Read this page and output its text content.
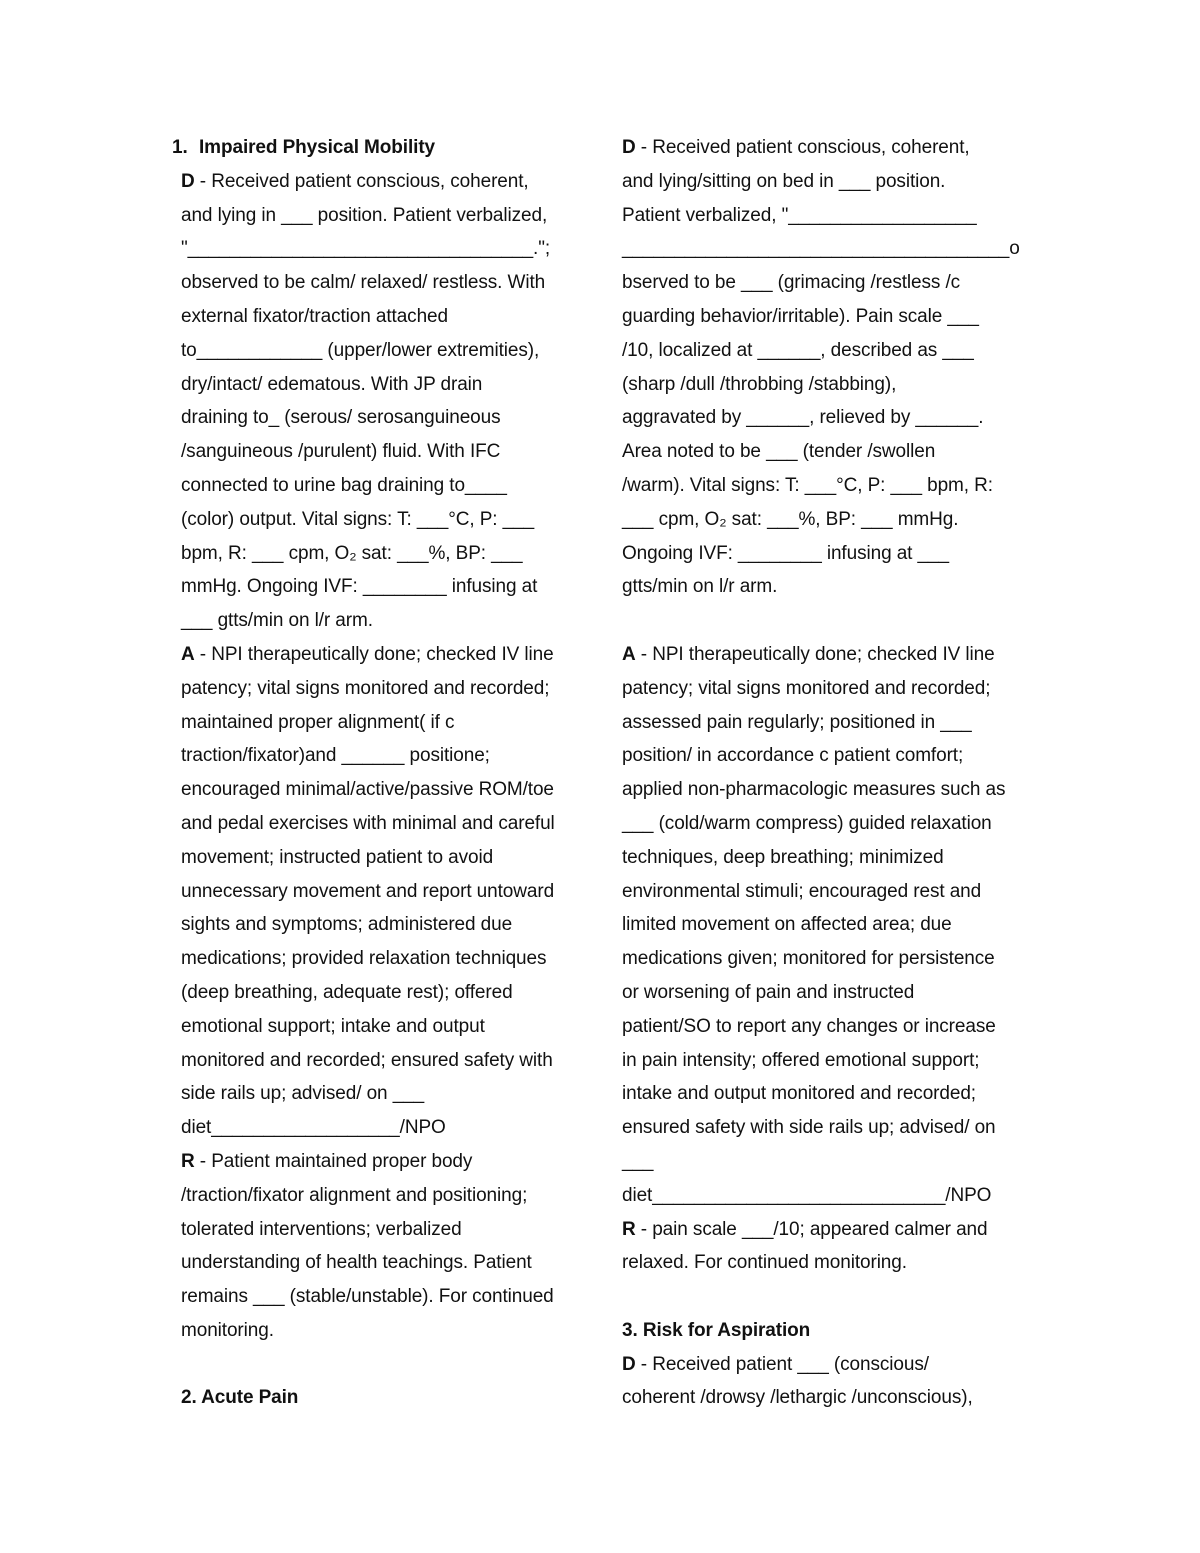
1. Impaired Physical Mobility
D - Received patient conscious, coherent,
and lying in ___ position. Patient verbalized,
"_________________________________.";
observed to be calm/ relaxed/ restless. With
external fixator/traction attached
to____________ (upper/lower extremities),
dry/intact/ edematous. With JP drain
draining to_ (serous/ serosanguineous
/sanguineous /purulent) fluid. With IFC
connected to urine bag draining to____
(color) output. Vital signs: T: ___°C, P: ___
bpm, R: ___ cpm, O₂ sat: ___%, BP: ___
mmHg. Ongoing IVF: ________ infusing at
___ gtts/min on l/r arm.
A - NPI therapeutically done; checked IV line
patency; vital signs monitored and recorded;
maintained proper alignment( if c
traction/fixator)and ______ positione;
encouraged minimal/active/passive ROM/toe
and pedal exercises with minimal and careful
movement; instructed patient to avoid
unnecessary movement and report untoward
sights and symptoms; administered due
medications; provided relaxation techniques
(deep breathing, adequate rest); offered
emotional support; intake and output
monitored and recorded; ensured safety with
side rails up; advised/ on ___
diet__________________/NPO
R - Patient maintained proper body
/traction/fixator alignment and positioning;
tolerated interventions; verbalized
understanding of health teachings. Patient
remains ___ (stable/unstable). For continued
monitoring.
2. Acute Pain
D - Received patient conscious, coherent,
and lying/sitting on bed in ___ position.
Patient verbalized, "__________________
_____________________________________o
bserved to be ___ (grimacing /restless /c
guarding behavior/irritable). Pain scale ___
/10, localized at ______, described as ___
(sharp /dull /throbbing /stabbing),
aggravated by ______, relieved by ______.
Area noted to be ___ (tender /swollen
/warm). Vital signs: T: ___°C, P: ___ bpm, R:
___ cpm, O₂ sat: ___%, BP: ___ mmHg.
Ongoing IVF: ________ infusing at ___
gtts/min on l/r arm.
A - NPI therapeutically done; checked IV line
patency; vital signs monitored and recorded;
assessed pain regularly; positioned in ___
position/ in accordance c patient comfort;
applied non-pharmacologic measures such as
___ (cold/warm compress) guided relaxation
techniques, deep breathing; minimized
environmental stimuli; encouraged rest and
limited movement on affected area; due
medications given; monitored for persistence
or worsening of pain and instructed
patient/SO to report any changes or increase
in pain intensity; offered emotional support;
intake and output monitored and recorded;
ensured safety with side rails up; advised/ on
___
diet____________________________/NPO
R - pain scale ___/10; appeared calmer and
relaxed. For continued monitoring.
3. Risk for Aspiration
D - Received patient ___ (conscious/
coherent /drowsy /lethargic /unconscious),
